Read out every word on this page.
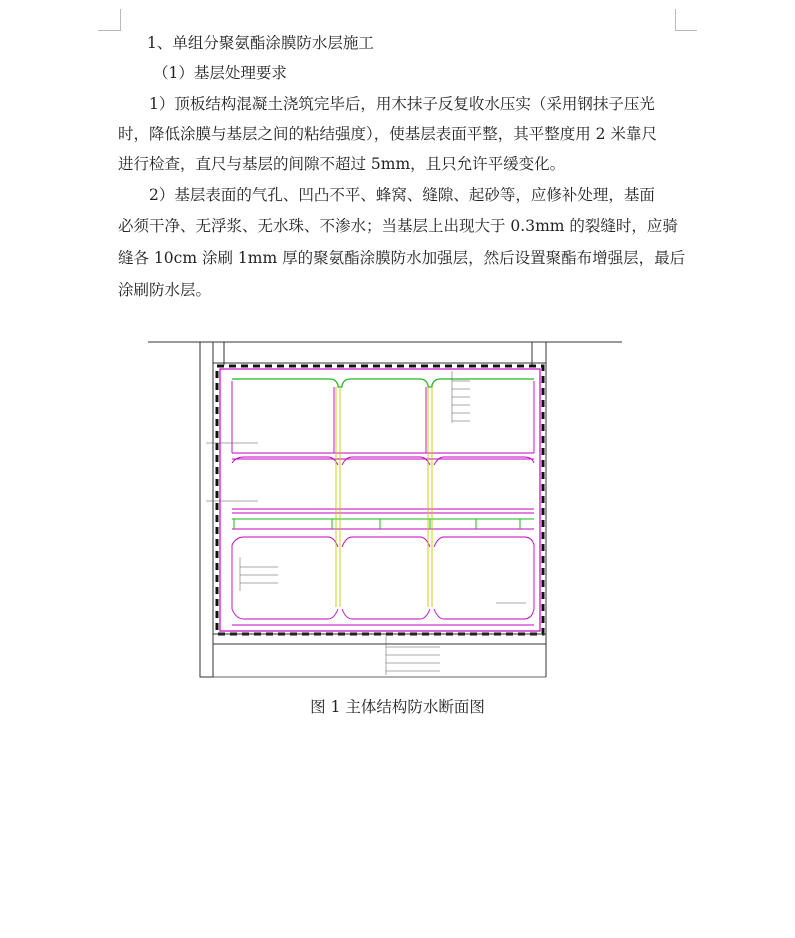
1、单组分聚氨酯涂膜防水层施工
（1）基层处理要求
1）顶板结构混凝土浇筑完毕后，用木抹子反复收水压实（采用钢抹子压光
时，降低涂膜与基层之间的粘结强度），使基层表面平整，其平整度用 2 米靠尺
进行检查，直尺与基层的间隙不超过 5mm，且只允许平缓变化。
2）基层表面的气孔、凹凸不平、蜂窝、缝隙、起砂等，应修补处理，基面
必须干净、无浮浆、无水珠、不渗水；当基层上出现大于 0.3mm 的裂缝时，应骑
缝各 10cm 涂刷 1mm 厚的聚氨酯涂膜防水加强层，然后设置聚酯布增强层，最后
涂刷防水层。
图 1 主体结构防水断面图
